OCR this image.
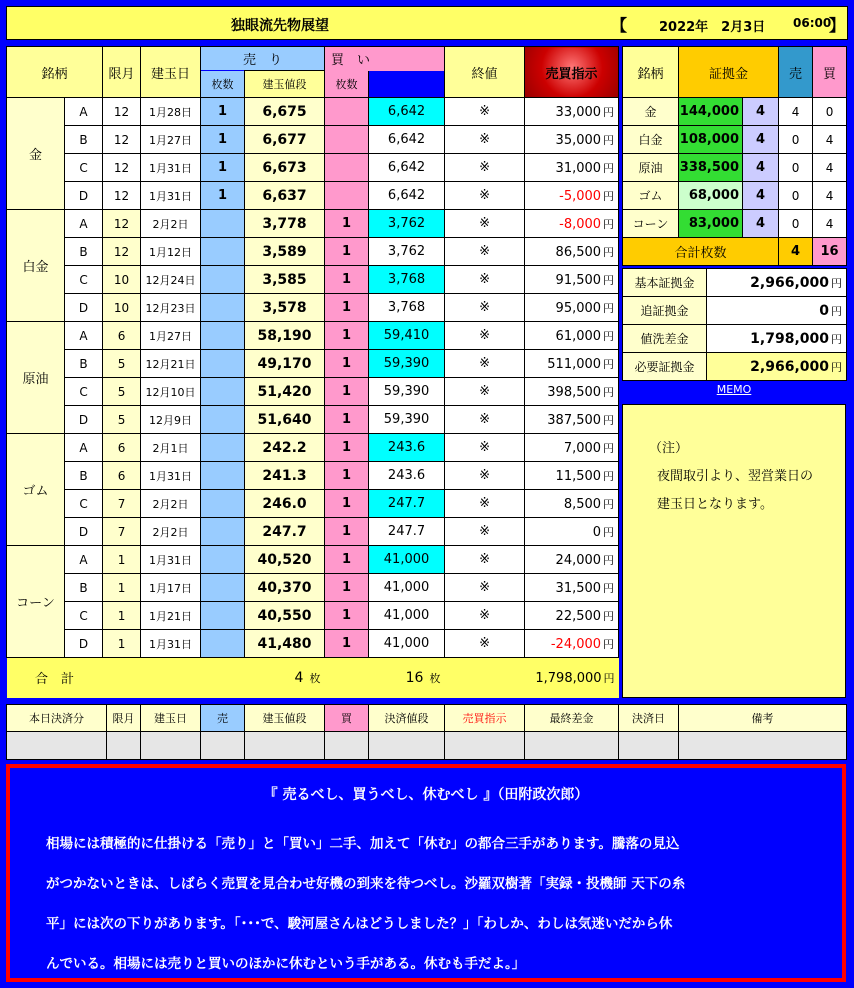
独眼流先物展望	【 2022年　2月3日 06:00
】
銘柄		限月	建玉日	売　り		買　い		終値	売買指示	
				枚数	建玉値段	枚数				
金	A	12	1月28日	1	6,675		6,642	※	33,000 円	
	B	12	1月27日	1	6,677		6,642	※	35,000 円	
	C	12	1月31日	1	6,673		6,642	※	31,000 円	
	D	12	1月31日	1	6,637		6,642	※	-5,000 円	
白金	A	12	2月2日		3,778	1	3,762	※	-8,000 円	
	B	12	1月12日		3,589	1	3,762	※	86,500 円	
	C	10	12月24日		3,585	1	3,768	※	91,500 円	
	D	10	12月23日		3,578	1	3,768	※	95,000 円	
原油	A	6	1月27日		58,190	1	59,410	※	61,000 円	
	B	5	12月21日		49,170	1	59,390	※	511,000 円	
	C	5	12月10日		51,420	1	59,390	※	398,500 円	
	D	5	12月9日		51,640	1	59,390	※	387,500 円	
ゴム	A	6	2月1日		242.2	1	243.6	※	7,000 円	
	B	6	1月31日		241.3	1	243.6	※	11,500 円	
	C	7	2月2日		246.0	1	247.7	※	8,500 円	
	D	7	2月2日		247.7	1	247.7	※	0 円	
コーン	A	1	1月31日		40,520	1	41,000	※	24,000 円	
	B	1	1月17日		40,370	1	41,000	※	31,500 円	
	C	1	1月21日		40,550	1	41,000	※	22,500 円	
	D	1	1月31日		41,480	1	41,000	※	-24,000 円	
合　計		4 枚				16 枚			1,798,000 円	
銘柄	証拠金		売	買
金	144,000	4	4	0
白金	108,000	4	0	4
原油	338,500	4	0	4
ゴム	68,000	4	0	4
コーン	83,000	4	0	4
合計枚数			4	16
基本証拠金	2,966,000 円
追証拠金	0 円
値洗差金	1,798,000 円
必要証拠金	2,966,000 円
MEMO
（注）
夜間取引より、翌営業日の
建玉日となります。
本日決済分	限月	建玉日	売	建玉値段	買	決済値段	売買指示	最終差金	決済日	備考

『 売るべし、買うべし、休むべし 』（田附政次郎）
相場には積極的に仕掛ける「売り」と「買い」二手、加えて「休む」の都合三手があります。騰落の見込
がつかないときは、しばらく売買を見合わせ好機の到来を待つべし。沙羅双樹著「実録・投機師 天下の糸
平」には次の下りがあります。「･･･で、駿河屋さんはどうしました？」「わしか、わしは気迷いだから休
んでいる。相場には売りと買いのほかに休むという手がある。休むも手だよ。」
